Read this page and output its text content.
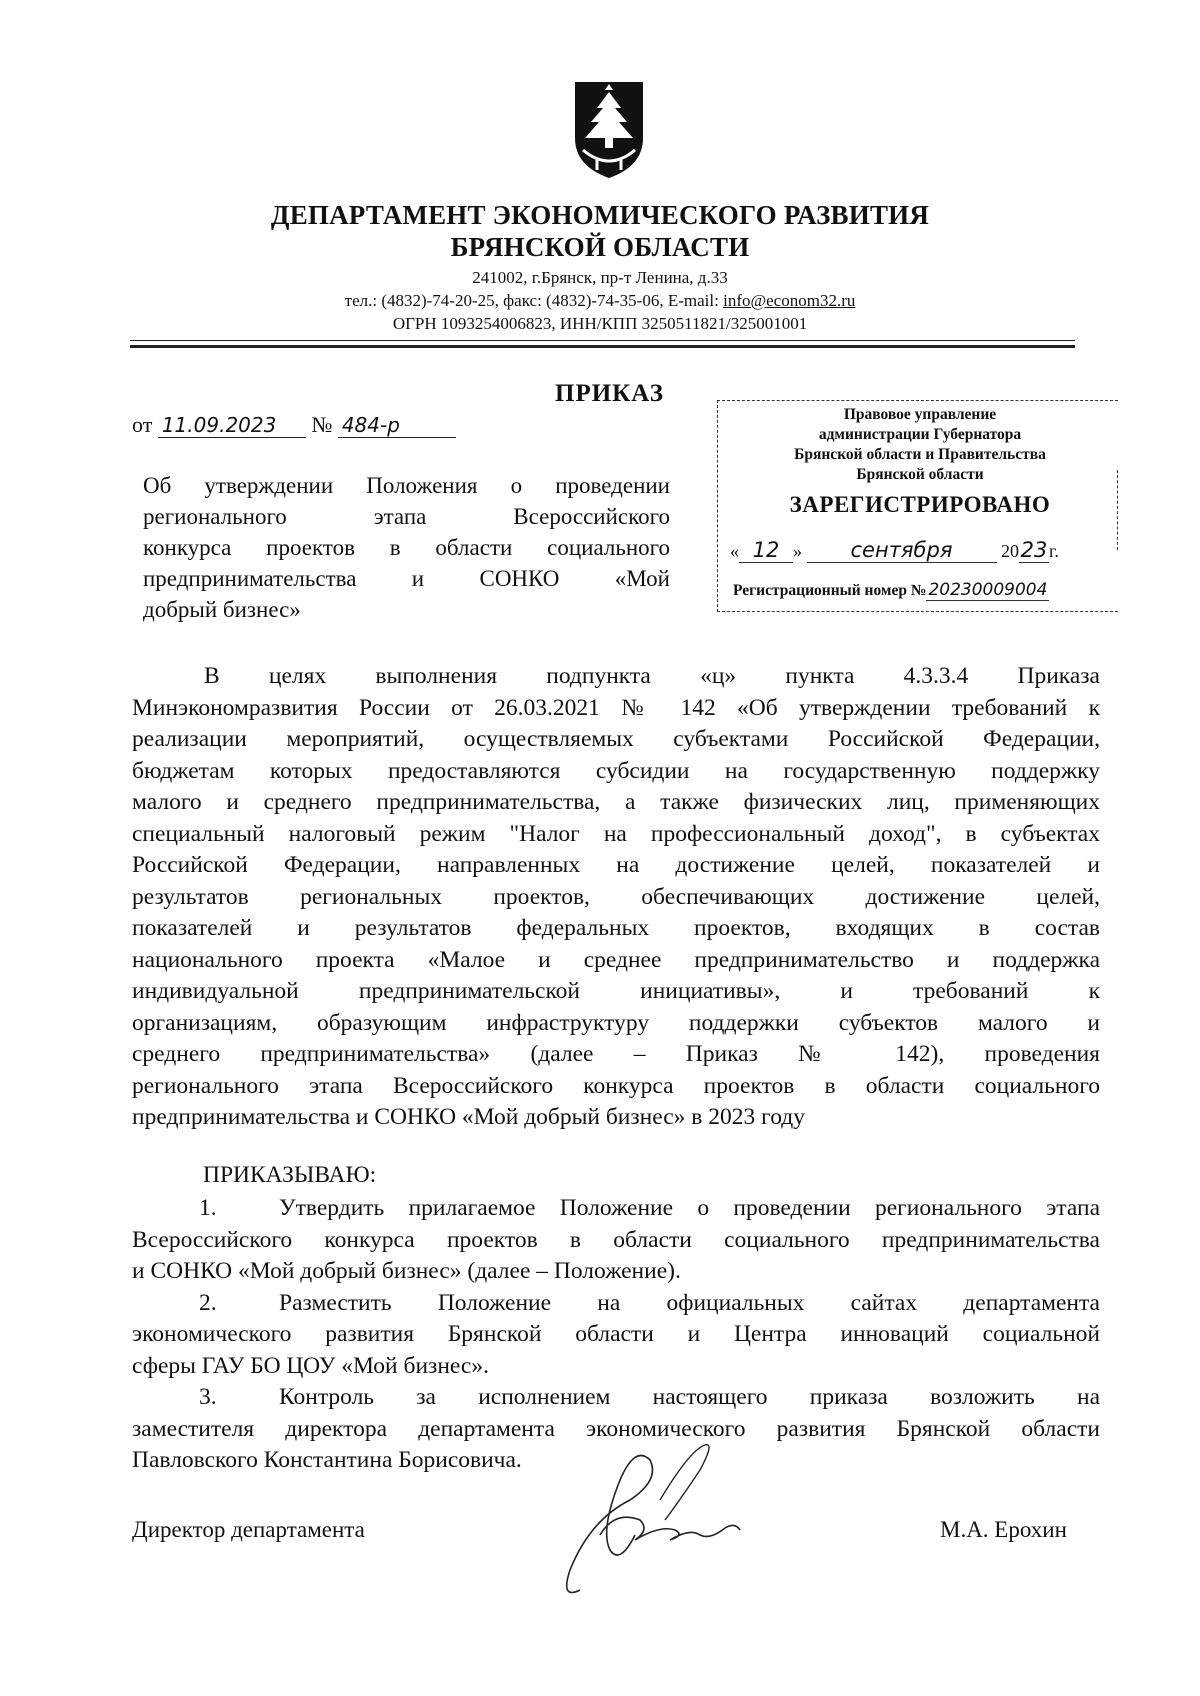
ДЕПАРТАМЕНТ ЭКОНОМИЧЕСКОГО РАЗВИТИЯ
БРЯНСКОЙ ОБЛАСТИ
241002, г.Брянск, пр-т Ленина, д.33
тел.: (4832)-74-20-25, факс: (4832)-74-35-06, E-mail: info@econom32.ru
ОГРН 1093254006823, ИНН/КПП 3250511821/325001001
ПРИКАЗ
от 11.09.2023 № 484-р
Об утверждении Положения о проведении
регионального этапа Всероссийского
конкурса проектов в области социального
предпринимательства и СОНКО «Мой
добрый бизнес»
Правовое управление
администрации Губернатора
Брянской области и Правительства
Брянской области
ЗАРЕГИСТРИРОВАНО
« 12 » сентября	2023г.
Регистрационный номер № 20230009004
В целях выполнения подпункта «ц» пункта 4.3.3.4 Приказа
Минэкономразвития России от 26.03.2021 № 142 «Об утверждении требований к
реализации мероприятий, осуществляемых субъектами Российской Федерации,
бюджетам которых предоставляются субсидии на государственную поддержку
малого и среднего предпринимательства, а также физических лиц, применяющих
специальный налоговый режим "Налог на профессиональный доход", в субъектах
Российской Федерации, направленных на достижение целей, показателей и
результатов региональных проектов, обеспечивающих достижение целей,
показателей и результатов федеральных проектов, входящих в состав
национального проекта «Малое и среднее предпринимательство и поддержка
индивидуальной предпринимательской инициативы», и требований к
организациям, образующим инфраструктуру поддержки субъектов малого и
среднего предпринимательства» (далее – Приказ № 142), проведения
регионального этапа Всероссийского конкурса проектов в области социального
предпринимательства и СОНКО «Мой добрый бизнес» в 2023 году
ПРИКАЗЫВАЮ:
1.	Утвердить прилагаемое Положение о проведении регионального этапа
Всероссийского конкурса проектов в области социального предпринимательства
и СОНКО «Мой добрый бизнес» (далее – Положение).
2.	Разместить Положение на официальных сайтах департамента
экономического развития Брянской области и Центра инноваций социальной
сферы ГАУ БО ЦОУ «Мой бизнес».
3.	Контроль за исполнением настоящего приказа возложить на
заместителя директора департамента экономического развития Брянской области
Павловского Константина Борисовича.
Директор департамента	М.А. Ерохин
